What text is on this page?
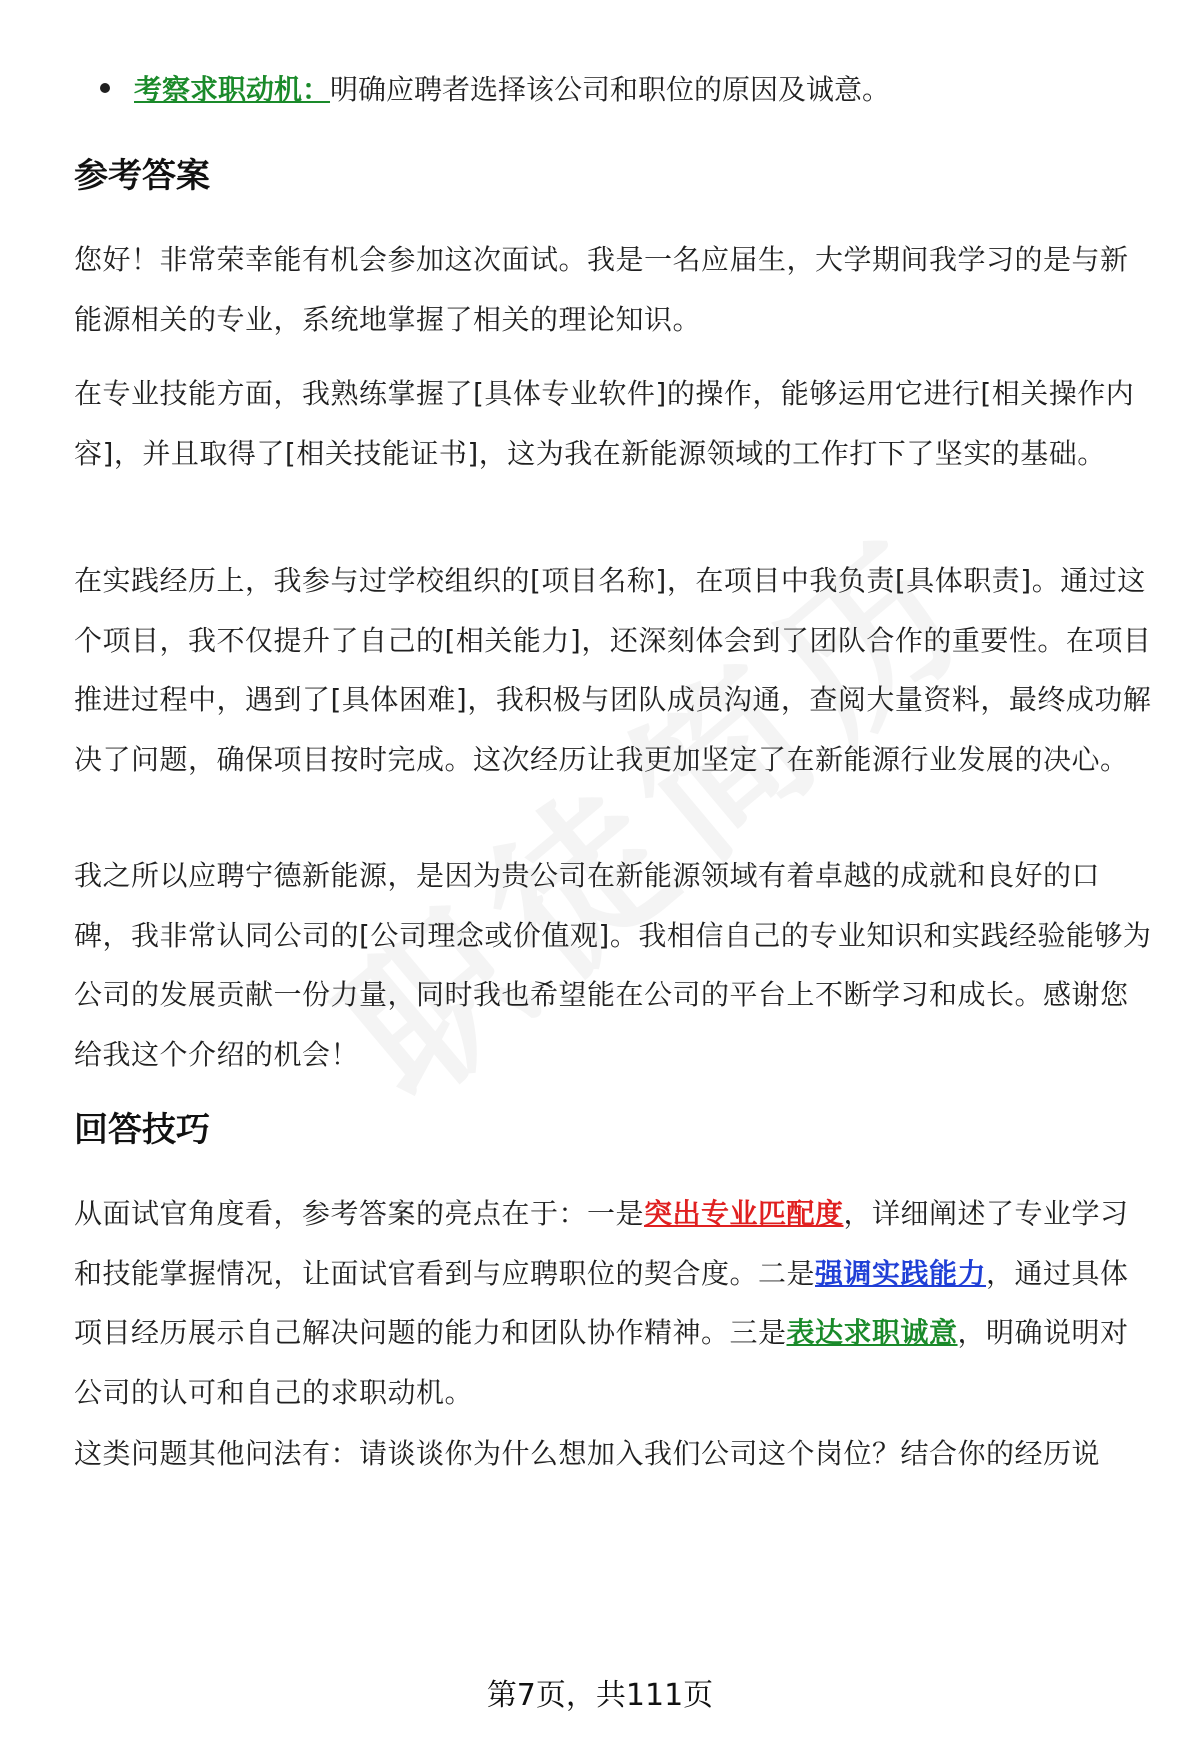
考察求职动机：明确应聘者选择该公司和职位的原因及诚意。
参考答案

您好！非常荣幸能有机会参加这次面试。我是一名应届生，大学期间我学习的是与新能源相关的专业，系统地掌握了相关的理论知识。

在专业技能方面，我熟练掌握了[具体专业软件]的操作，能够运用它进行[相关操作内容]，并且取得了[相关技能证书]，这为我在新能源领域的工作打下了坚实的基础。

在实践经历上，我参与过学校组织的[项目名称]，在项目中我负责[具体职责]。通过这个项目，我不仅提升了自己的[相关能力]，还深刻体会到了团队合作的重要性。在项目推进过程中，遇到了[具体困难]，我积极与团队成员沟通，查阅大量资料，最终成功解决了问题，确保项目按时完成。这次经历让我更加坚定了在新能源行业发展的决心。

我之所以应聘宁德新能源，是因为贵公司在新能源领域有着卓越的成就和良好的口碑，我非常认同公司的[公司理念或价值观]。我相信自己的专业知识和实践经验能够为公司的发展贡献一份力量，同时我也希望能在公司的平台上不断学习和成长。感谢您给我这个介绍的机会！

回答技巧

从面试官角度看，参考答案的亮点在于：一是突出专业匹配度，详细阐述了专业学习和技能掌握情况，让面试官看到与应聘职位的契合度。二是强调实践能力，通过具体项目经历展示自己解决问题的能力和团队协作精神。三是表达求职诚意，明确说明对公司的认可和自己的求职动机。

这类问题其他问法有：请谈谈你为什么想加入我们公司这个岗位？结合你的经历说

第7页，共111页
